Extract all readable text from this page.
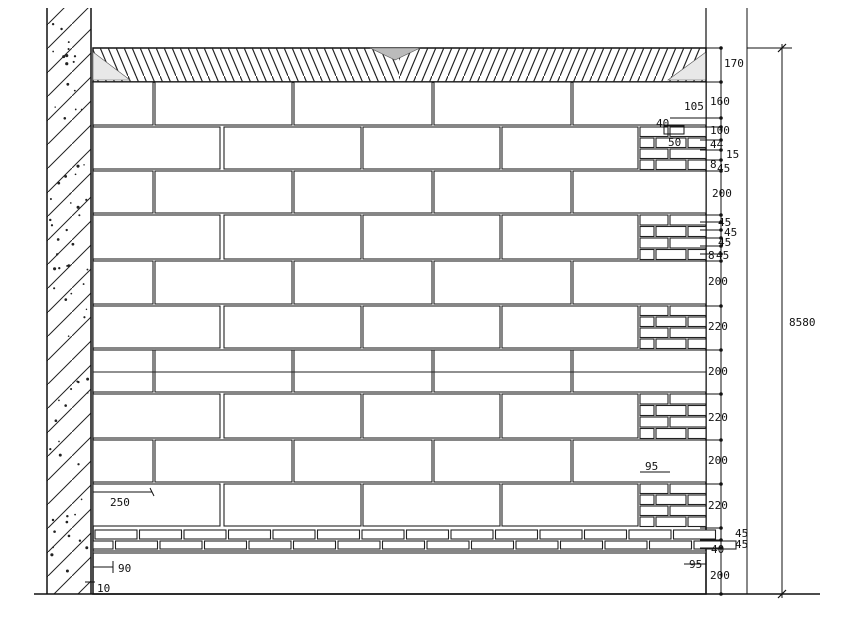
8580
170
160
100
44
15
8 45
200
45
45
45
45
8
200
220
200
220
200
220
45
45
40
200
105
40
50
95
250
90
10
95
